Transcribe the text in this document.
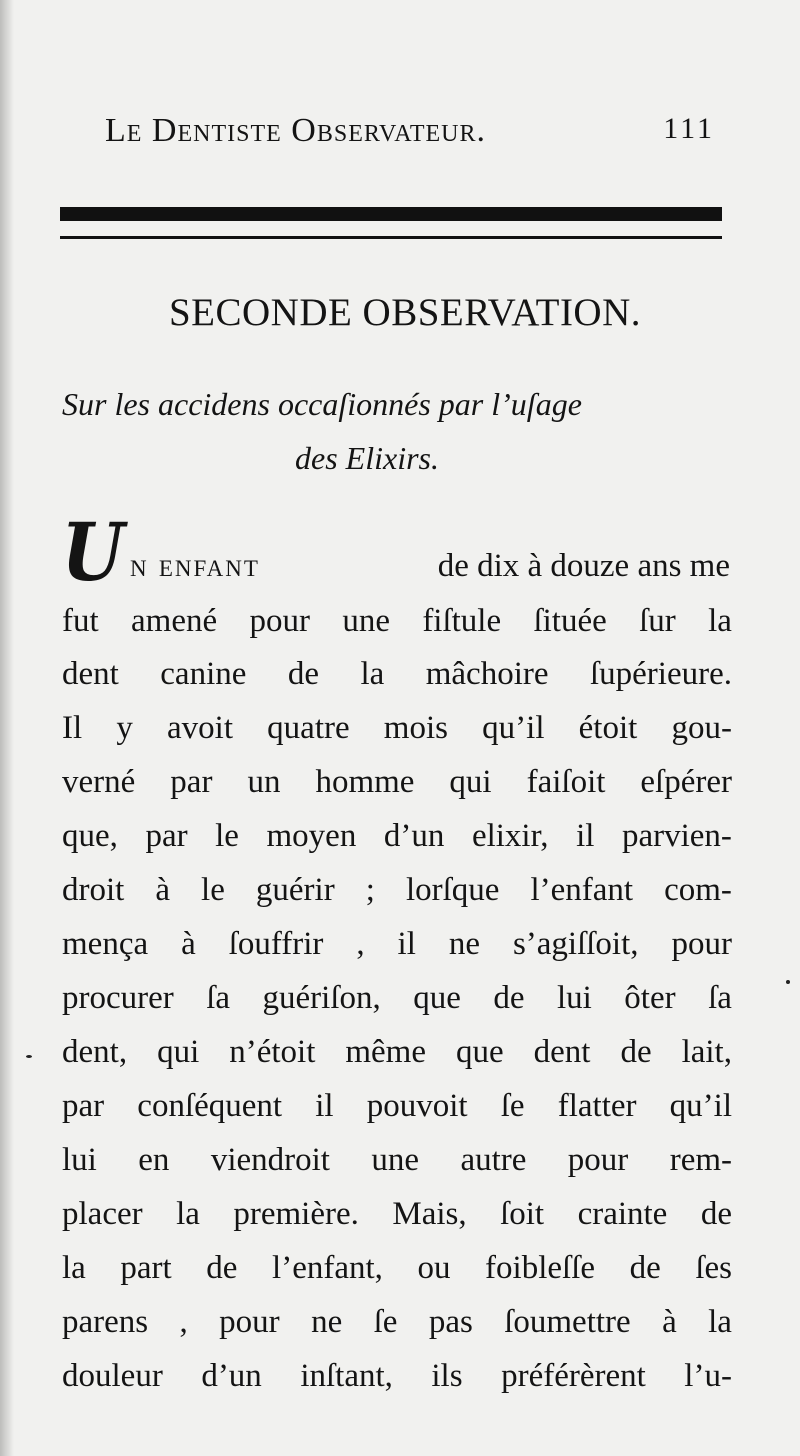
Le Dentiste Observateur.	111
SECONDE OBSERVATION.
Sur les accidens occaſionnés par l’uſage
des Elixirs.
U n enfant	de dix à douze ans me
fut amené pour une fiſtule ſituée ſur la
dent canine de la mâchoire ſupérieure.
Il y avoit quatre mois qu’il étoit gou-
verné par un homme qui faiſoit eſpérer
que, par le moyen d’un elixir, il parvien-
droit à le guérir ; lorſque l’enfant com-
mença à ſouffrir , il ne s’agiſſoit, pour
procurer ſa guériſon, que de lui ôter ſa
dent, qui n’étoit même que dent de lait,
par conſéquent il pouvoit ſe flatter qu’il
lui en viendroit une autre pour rem-
placer la première. Mais, ſoit crainte de
la part de l’enfant, ou foibleſſe de ſes
parens , pour ne ſe pas ſoumettre à la
douleur d’un inſtant, ils préférèrent l’u-
